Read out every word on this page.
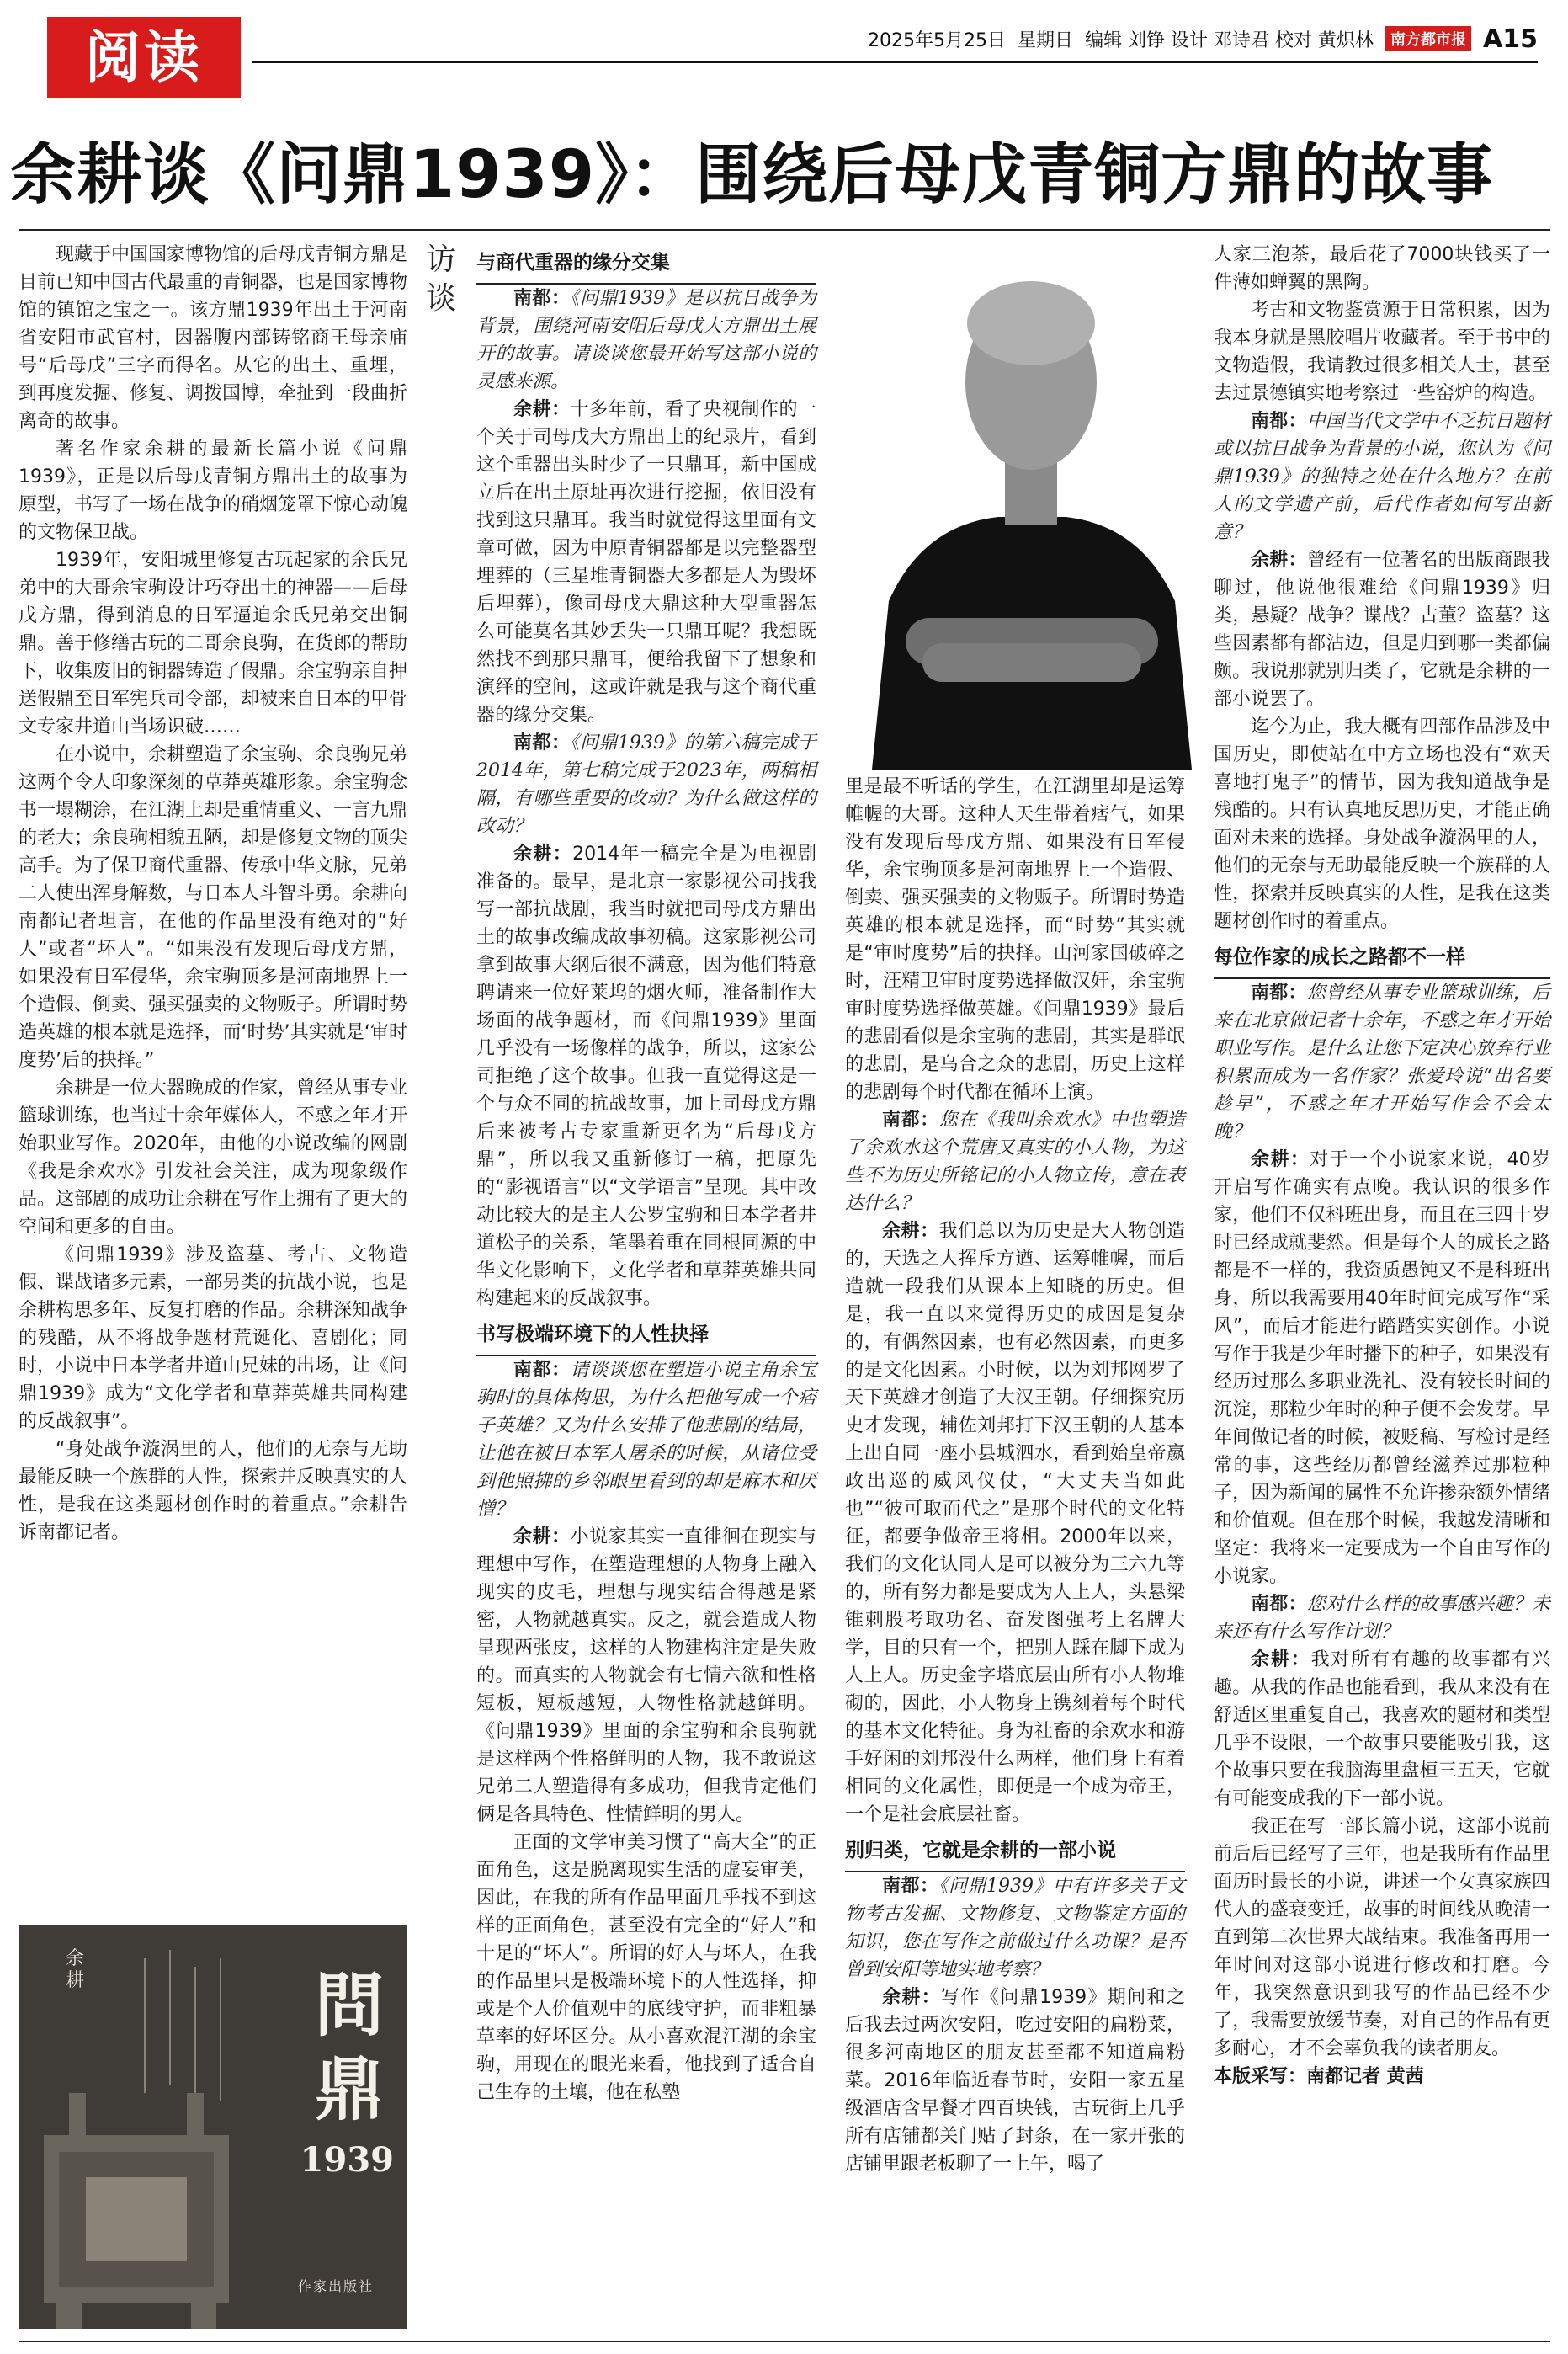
阅读	2025年5月25日 星期日 编辑 刘铮 设计 邓诗君 校对 黄炽林	南方都市报 A15
余耕谈《问鼎1939》：围绕后母戊青铜方鼎的故事

现藏于中国国家博物馆的后母戊青铜方鼎是目前已知中国古代最重的青铜器，也是国家博物馆的镇馆之宝之一。该方鼎1939年出土于河南省安阳市武官村，因器腹内部铸铭商王母亲庙号“后母戊”三字而得名。从它的出土、重埋，到再度发掘、修复、调拨国博，牵扯到一段曲折离奇的故事。

著名作家余耕的最新长篇小说《问鼎1939》，正是以后母戊青铜方鼎出土的故事为原型，书写了一场在战争的硝烟笼罩下惊心动魄的文物保卫战。

1939年，安阳城里修复古玩起家的余氏兄弟中的大哥余宝驹设计巧夺出土的神器——后母戊方鼎，得到消息的日军逼迫余氏兄弟交出铜鼎。善于修缮古玩的二哥余良驹，在货郎的帮助下，收集废旧的铜器铸造了假鼎。余宝驹亲自押送假鼎至日军宪兵司令部，却被来自日本的甲骨文专家井道山当场识破……

在小说中，余耕塑造了余宝驹、余良驹兄弟这两个令人印象深刻的草莽英雄形象。余宝驹念书一塌糊涂，在江湖上却是重情重义、一言九鼎的老大；余良驹相貌丑陋，却是修复文物的顶尖高手。为了保卫商代重器、传承中华文脉，兄弟二人使出浑身解数，与日本人斗智斗勇。余耕向南都记者坦言，在他的作品里没有绝对的“好人”或者“坏人”。“如果没有发现后母戊方鼎，如果没有日军侵华，余宝驹顶多是河南地界上一个造假、倒卖、强买强卖的文物贩子。所谓时势造英雄的根本就是选择，而‘时势’其实就是‘审时度势’后的抉择。”

余耕是一位大器晚成的作家，曾经从事专业篮球训练，也当过十余年媒体人，不惑之年才开始职业写作。2020年，由他的小说改编的网剧《我是余欢水》引发社会关注，成为现象级作品。这部剧的成功让余耕在写作上拥有了更大的空间和更多的自由。

《问鼎1939》涉及盗墓、考古、文物造假、谍战诸多元素，一部另类的抗战小说，也是余耕构思多年、反复打磨的作品。余耕深知战争的残酷，从不将战争题材荒诞化、喜剧化；同时，小说中日本学者井道山兄妹的出场，让《问鼎1939》成为“文化学者和草莽英雄共同构建的反战叙事”。

“身处战争漩涡里的人，他们的无奈与无助最能反映一个族群的人性，探索并反映真实的人性，是我在这类题材创作时的着重点。”余耕告诉南都记者。

余耕	問鼎
1939
作家出版社
访
谈

与商代重器的缘分交集

南都：《问鼎1939》是以抗日战争为背景，围绕河南安阳后母戊大方鼎出土展开的故事。请谈谈您最开始写这部小说的灵感来源。

余耕：十多年前，看了央视制作的一个关于司母戊大方鼎出土的纪录片，看到这个重器出头时少了一只鼎耳，新中国成立后在出土原址再次进行挖掘，依旧没有找到这只鼎耳。我当时就觉得这里面有文章可做，因为中原青铜器都是以完整器型埋葬的（三星堆青铜器大多都是人为毁坏后埋葬），像司母戊大鼎这种大型重器怎么可能莫名其妙丢失一只鼎耳呢？我想既然找不到那只鼎耳，便给我留下了想象和演绎的空间，这或许就是我与这个商代重器的缘分交集。

南都：《问鼎1939》的第六稿完成于2014年，第七稿完成于2023年，两稿相隔，有哪些重要的改动？为什么做这样的改动？

余耕：2014年一稿完全是为电视剧准备的。最早，是北京一家影视公司找我写一部抗战剧，我当时就把司母戊方鼎出土的故事改编成故事初稿。这家影视公司拿到故事大纲后很不满意，因为他们特意聘请来一位好莱坞的烟火师，准备制作大场面的战争题材，而《问鼎1939》里面几乎没有一场像样的战争，所以，这家公司拒绝了这个故事。但我一直觉得这是一个与众不同的抗战故事，加上司母戊方鼎后来被考古专家重新更名为“后母戊方鼎”，所以我又重新修订一稿，把原先的“影视语言”以“文学语言”呈现。其中改动比较大的是主人公罗宝驹和日本学者井道松子的关系，笔墨着重在同根同源的中华文化影响下，文化学者和草莽英雄共同构建起来的反战叙事。

书写极端环境下的人性抉择

南都：请谈谈您在塑造小说主角余宝驹时的具体构思，为什么把他写成一个痞子英雄？又为什么安排了他悲剧的结局，让他在被日本军人屠杀的时候，从诸位受到他照拂的乡邻眼里看到的却是麻木和厌憎？

余耕：小说家其实一直徘徊在现实与理想中写作，在塑造理想的人物身上融入现实的皮毛，理想与现实结合得越是紧密，人物就越真实。反之，就会造成人物呈现两张皮，这样的人物建构注定是失败的。而真实的人物就会有七情六欲和性格短板，短板越短，人物性格就越鲜明。《问鼎1939》里面的余宝驹和余良驹就是这样两个性格鲜明的人物，我不敢说这兄弟二人塑造得有多成功，但我肯定他们俩是各具特色、性情鲜明的男人。

正面的文学审美习惯了“高大全”的正面角色，这是脱离现实生活的虚妄审美，因此，在我的所有作品里面几乎找不到这样的正面角色，甚至没有完全的“好人”和十足的“坏人”。所谓的好人与坏人，在我的作品里只是极端环境下的人性选择，抑或是个人价值观中的底线守护，而非粗暴草率的好坏区分。从小喜欢混江湖的余宝驹，用现在的眼光来看，他找到了适合自己生存的土壤，他在私塾

里是最不听话的学生，在江湖里却是运筹帷幄的大哥。这种人天生带着痞气，如果没有发现后母戊方鼎、如果没有日军侵华，余宝驹顶多是河南地界上一个造假、倒卖、强买强卖的文物贩子。所谓时势造英雄的根本就是选择，而“时势”其实就是“审时度势”后的抉择。山河家国破碎之时，汪精卫审时度势选择做汉奸，余宝驹审时度势选择做英雄。《问鼎1939》最后的悲剧看似是余宝驹的悲剧，其实是群氓的悲剧，是乌合之众的悲剧，历史上这样的悲剧每个时代都在循环上演。

南都：您在《我叫余欢水》中也塑造了余欢水这个荒唐又真实的小人物，为这些不为历史所铭记的小人物立传，意在表达什么？

余耕：我们总以为历史是大人物创造的，天选之人挥斥方遒、运筹帷幄，而后造就一段我们从课本上知晓的历史。但是，我一直以来觉得历史的成因是复杂的，有偶然因素，也有必然因素，而更多的是文化因素。小时候，以为刘邦网罗了天下英雄才创造了大汉王朝。仔细探究历史才发现，辅佐刘邦打下汉王朝的人基本上出自同一座小县城泗水，看到始皇帝嬴政出巡的威风仪仗，“大丈夫当如此也”“彼可取而代之”是那个时代的文化特征，都要争做帝王将相。2000年以来，我们的文化认同人是可以被分为三六九等的，所有努力都是要成为人上人，头悬梁锥刺股考取功名、奋发图强考上名牌大学，目的只有一个，把别人踩在脚下成为人上人。历史金字塔底层由所有小人物堆砌的，因此，小人物身上镌刻着每个时代的基本文化特征。身为社畜的余欢水和游手好闲的刘邦没什么两样，他们身上有着相同的文化属性，即便是一个成为帝王，一个是社会底层社畜。

别归类，它就是余耕的一部小说

南都：《问鼎1939》中有许多关于文物考古发掘、文物修复、文物鉴定方面的知识，您在写作之前做过什么功课？是否曾到安阳等地实地考察？

余耕：写作《问鼎1939》期间和之后我去过两次安阳，吃过安阳的扁粉菜，很多河南地区的朋友甚至都不知道扁粉菜。2016年临近春节时，安阳一家五星级酒店含早餐才四百块钱，古玩街上几乎所有店铺都关门贴了封条，在一家开张的店铺里跟老板聊了一上午，喝了

人家三泡茶，最后花了7000块钱买了一件薄如蝉翼的黑陶。

考古和文物鉴赏源于日常积累，因为我本身就是黑胶唱片收藏者。至于书中的文物造假，我请教过很多相关人士，甚至去过景德镇实地考察过一些窑炉的构造。

南都：中国当代文学中不乏抗日题材或以抗日战争为背景的小说，您认为《问鼎1939》的独特之处在什么地方？在前人的文学遗产前，后代作者如何写出新意？

余耕：曾经有一位著名的出版商跟我聊过，他说他很难给《问鼎1939》归类，悬疑？战争？谍战？古董？盗墓？这些因素都有都沾边，但是归到哪一类都偏颇。我说那就别归类了，它就是余耕的一部小说罢了。

迄今为止，我大概有四部作品涉及中国历史，即使站在中方立场也没有“欢天喜地打鬼子”的情节，因为我知道战争是残酷的。只有认真地反思历史，才能正确面对未来的选择。身处战争漩涡里的人，他们的无奈与无助最能反映一个族群的人性，探索并反映真实的人性，是我在这类题材创作时的着重点。

每位作家的成长之路都不一样

南都：您曾经从事专业篮球训练，后来在北京做记者十余年，不惑之年才开始职业写作。是什么让您下定决心放弃行业积累而成为一名作家？张爱玲说“出名要趁早”，不惑之年才开始写作会不会太晚？

余耕：对于一个小说家来说，40岁开启写作确实有点晚。我认识的很多作家，他们不仅科班出身，而且在三四十岁时已经成就斐然。但是每个人的成长之路都是不一样的，我资质愚钝又不是科班出身，所以我需要用40年时间完成写作“采风”，而后才能进行踏踏实实创作。小说写作于我是少年时播下的种子，如果没有经历过那么多职业洗礼、没有较长时间的沉淀，那粒少年时的种子便不会发芽。早年间做记者的时候，被贬稿、写检讨是经常的事，这些经历都曾经滋养过那粒种子，因为新闻的属性不允许掺杂额外情绪和价值观。但在那个时候，我越发清晰和坚定：我将来一定要成为一个自由写作的小说家。

南都：您对什么样的故事感兴趣？未来还有什么写作计划？

余耕：我对所有有趣的故事都有兴趣。从我的作品也能看到，我从来没有在舒适区里重复自己，我喜欢的题材和类型几乎不设限，一个故事只要能吸引我，这个故事只要在我脑海里盘桓三五天，它就有可能变成我的下一部小说。

我正在写一部长篇小说，这部小说前前后后已经写了三年，也是我所有作品里面历时最长的小说，讲述一个女真家族四代人的盛衰变迁，故事的时间线从晚清一直到第二次世界大战结束。我准备再用一年时间对这部小说进行修改和打磨。今年，我突然意识到我写的作品已经不少了，我需要放缓节奏，对自己的作品有更多耐心，才不会辜负我的读者朋友。

本版采写：南都记者 黄茜
